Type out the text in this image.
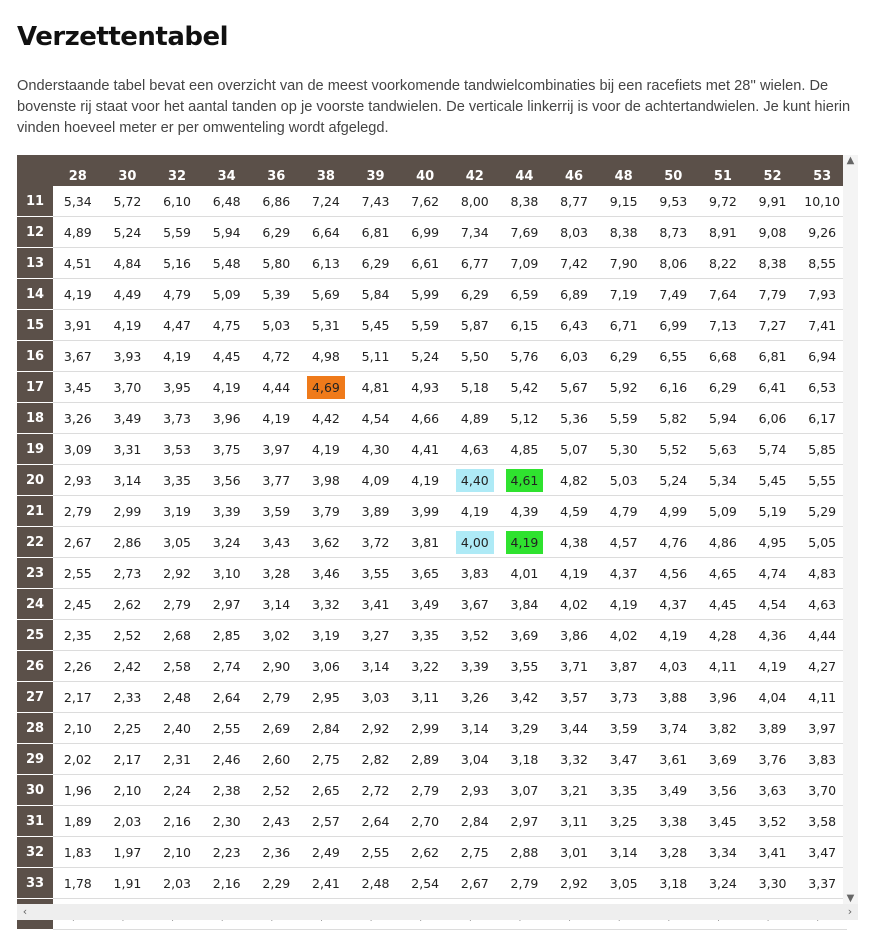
Verzettentabel

Onderstaande tabel bevat een overzicht van de meest voorkomende tandwielcombinaties bij een racefiets met 28'' wielen. De bovenste rij staat voor het aantal tanden op je voorste tandwielen. De verticale linkerrij is voor de achtertandwielen. Je kunt hierin vinden hoeveel meter er per omwenteling wordt afgelegd.

	28	30	32	34	36	38	39	40	42	44	46	48	50	51	52	53
11	5,34	5,72	6,10	6,48	6,86	7,24	7,43	7,62	8,00	8,38	8,77	9,15	9,53	9,72	9,91	10,10
12	4,89	5,24	5,59	5,94	6,29	6,64	6,81	6,99	7,34	7,69	8,03	8,38	8,73	8,91	9,08	9,26
13	4,51	4,84	5,16	5,48	5,80	6,13	6,29	6,61	6,77	7,09	7,42	7,90	8,06	8,22	8,38	8,55
14	4,19	4,49	4,79	5,09	5,39	5,69	5,84	5,99	6,29	6,59	6,89	7,19	7,49	7,64	7,79	7,93
15	3,91	4,19	4,47	4,75	5,03	5,31	5,45	5,59	5,87	6,15	6,43	6,71	6,99	7,13	7,27	7,41
16	3,67	3,93	4,19	4,45	4,72	4,98	5,11	5,24	5,50	5,76	6,03	6,29	6,55	6,68	6,81	6,94
17	3,45	3,70	3,95	4,19	4,44	4,69	4,81	4,93	5,18	5,42	5,67	5,92	6,16	6,29	6,41	6,53
18	3,26	3,49	3,73	3,96	4,19	4,42	4,54	4,66	4,89	5,12	5,36	5,59	5,82	5,94	6,06	6,17
19	3,09	3,31	3,53	3,75	3,97	4,19	4,30	4,41	4,63	4,85	5,07	5,30	5,52	5,63	5,74	5,85
20	2,93	3,14	3,35	3,56	3,77	3,98	4,09	4,19	4,40	4,61	4,82	5,03	5,24	5,34	5,45	5,55
21	2,79	2,99	3,19	3,39	3,59	3,79	3,89	3,99	4,19	4,39	4,59	4,79	4,99	5,09	5,19	5,29
22	2,67	2,86	3,05	3,24	3,43	3,62	3,72	3,81	4,00	4,19	4,38	4,57	4,76	4,86	4,95	5,05
23	2,55	2,73	2,92	3,10	3,28	3,46	3,55	3,65	3,83	4,01	4,19	4,37	4,56	4,65	4,74	4,83
24	2,45	2,62	2,79	2,97	3,14	3,32	3,41	3,49	3,67	3,84	4,02	4,19	4,37	4,45	4,54	4,63
25	2,35	2,52	2,68	2,85	3,02	3,19	3,27	3,35	3,52	3,69	3,86	4,02	4,19	4,28	4,36	4,44
26	2,26	2,42	2,58	2,74	2,90	3,06	3,14	3,22	3,39	3,55	3,71	3,87	4,03	4,11	4,19	4,27
27	2,17	2,33	2,48	2,64	2,79	2,95	3,03	3,11	3,26	3,42	3,57	3,73	3,88	3,96	4,04	4,11
28	2,10	2,25	2,40	2,55	2,69	2,84	2,92	2,99	3,14	3,29	3,44	3,59	3,74	3,82	3,89	3,97
29	2,02	2,17	2,31	2,46	2,60	2,75	2,82	2,89	3,04	3,18	3,32	3,47	3,61	3,69	3,76	3,83
30	1,96	2,10	2,24	2,38	2,52	2,65	2,72	2,79	2,93	3,07	3,21	3,35	3,49	3,56	3,63	3,70
31	1,89	2,03	2,16	2,30	2,43	2,57	2,64	2,70	2,84	2,97	3,11	3,25	3,38	3,45	3,52	3,58
32	1,83	1,97	2,10	2,23	2,36	2,49	2,55	2,62	2,75	2,88	3,01	3,14	3,28	3,34	3,41	3,47
33	1,78	1,91	2,03	2,16	2,29	2,41	2,48	2,54	2,67	2,79	2,92	3,05	3,18	3,24	3,30	3,37

▲
▼
‹	›
